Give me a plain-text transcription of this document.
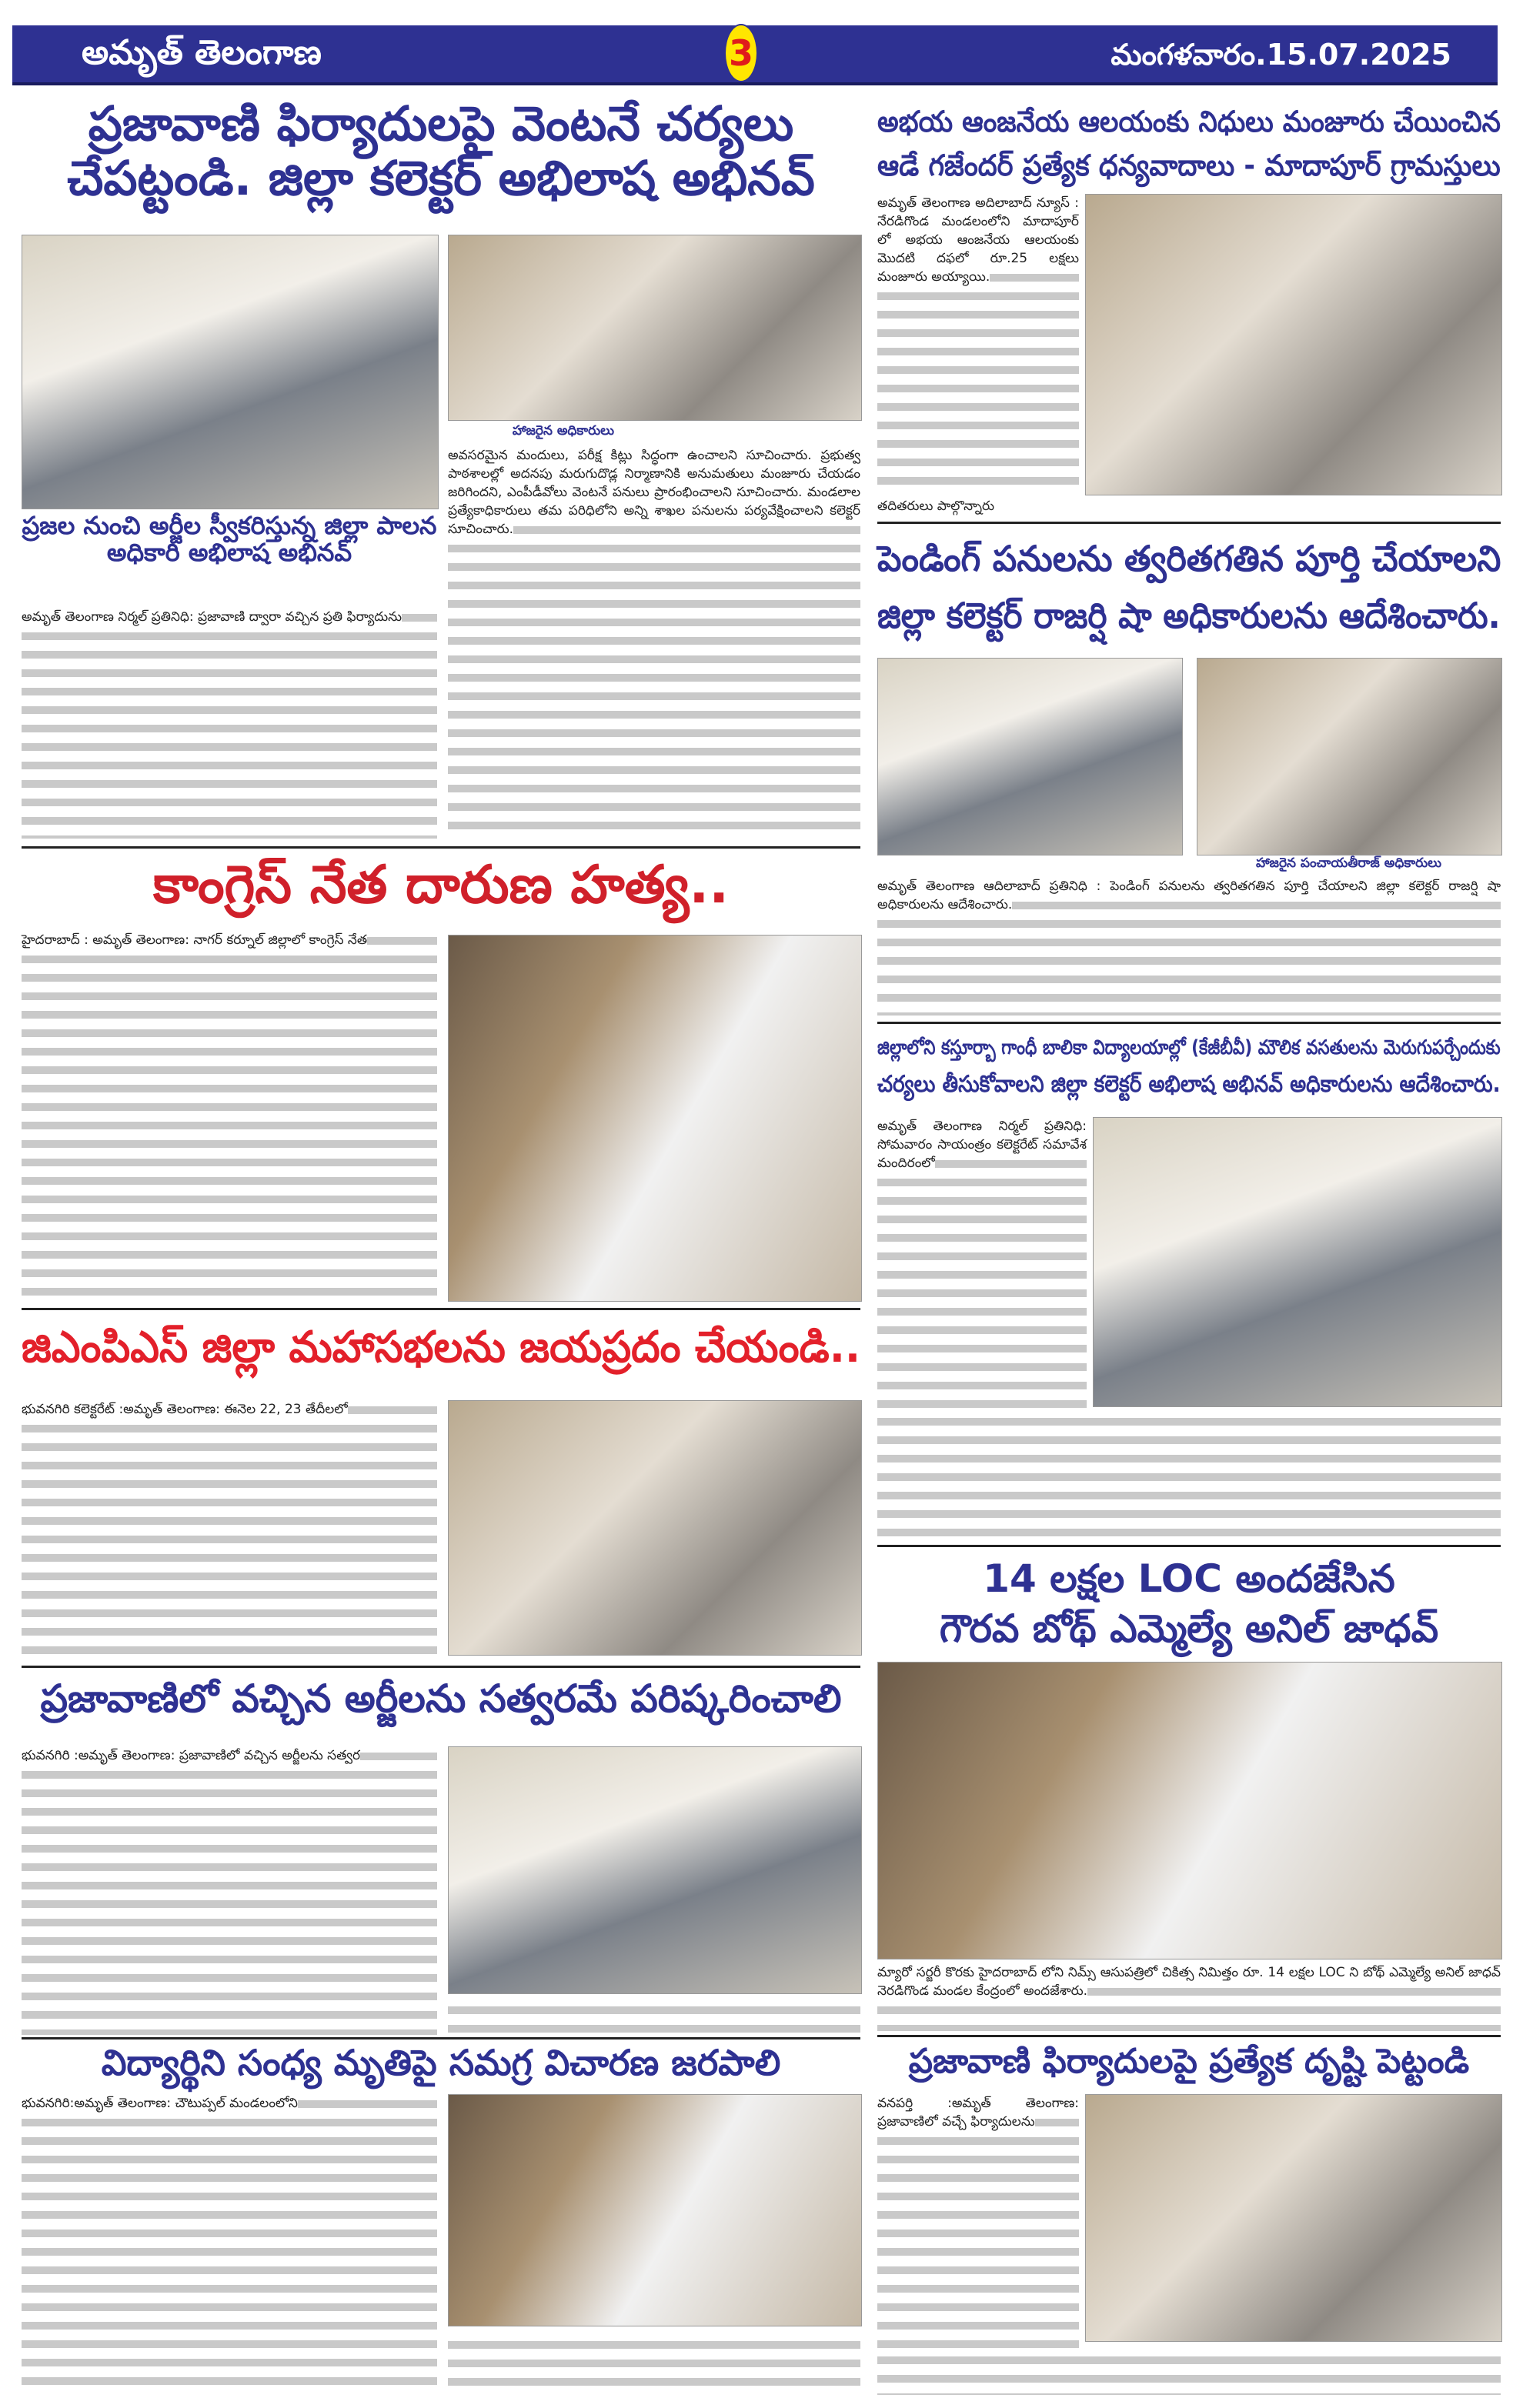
అమృత్ తెలంగాణ	3	మంగళవారం.15.07.2025
ప్రజావాణి ఫిర్యాదులపై వెంటనే చర్యలు
చేపట్టండి. జిల్లా కలెక్టర్ అభిలాష అభినవ్
హాజరైన అధికారులు
ప్రజల నుంచి అర్జీల స్వీకరిస్తున్న జిల్లా పాలన అధికారి అభిలాష అభినవ్
అమృత్ తెలంగాణ నిర్మల్ ప్రతినిధి: ప్రజావాణి ద్వారా వచ్చిన ప్రతి ఫిర్యాదును
అవసరమైన మందులు, పరీక్ష కిట్లు సిద్ధంగా ఉంచాలని సూచించారు. ప్రభుత్వ పాఠశాలల్లో అదనపు మరుగుదొడ్ల నిర్మాణానికి అనుమతులు మంజూరు చేయడం జరిగిందని, ఎంపీడీవోలు వెంటనే పనులు ప్రారంభించాలని సూచించారు. మండలాల ప్రత్యేకాధికారులు తమ పరిధిలోని అన్ని శాఖల పనులను పర్యవేక్షించాలని కలెక్టర్ సూచించారు.
కాంగ్రెస్ నేత దారుణ హత్య..
హైదరాబాద్ : అమృత్ తెలంగాణ: నాగర్ కర్నూల్ జిల్లాలో కాంగ్రెస్ నేత
జిఎంపిఎస్ జిల్లా మహాసభలను జయప్రదం చేయండి..
భువనగిరి కలెక్టరేట్ :అమృత్ తెలంగాణ: ఈనెల 22, 23 తేదీలలో
ప్రజావాణిలో వచ్చిన అర్జీలను సత్వరమే పరిష్కరించాలి
భువనగిరి :అమృత్ తెలంగాణ: ప్రజావాణిలో వచ్చిన అర్జీలను సత్వర
విద్యార్థిని సంధ్య మృతిపై సమగ్ర విచారణ జరపాలి
భువనగిరి:అమృత్ తెలంగాణ: చౌటుప్పల్ మండలంలోని
అభయ ఆంజనేయ ఆలయంకు నిధులు మంజూరు చేయించిన
ఆడే గజేందర్ ప్రత్యేక ధన్యవాదాలు - మాదాపూర్ గ్రామస్తులు
అమృత్ తెలంగాణ అదిలాబాద్ న్యూస్ : నేరడిగొండ మండలంలోని మాదాపూర్ లో అభయ ఆంజనేయ ఆలయంకు మొదటి దఫలో రూ.25 లక్షలు మంజూరు అయ్యాయి.
తదితరులు పాల్గొన్నారు
పెండింగ్ పనులను త్వరితగతిన పూర్తి చేయాలని
జిల్లా కలెక్టర్ రాజర్షి షా అధికారులను ఆదేశించారు.
హాజరైన పంచాయతీరాజ్ అధికారులు
అమృత్ తెలంగాణ ఆదిలాబాద్ ప్రతినిధి : పెండింగ్ పనులను త్వరితగతిన పూర్తి చేయాలని జిల్లా కలెక్టర్ రాజర్షి షా అధికారులను ఆదేశించారు.
జిల్లాలోని కస్తూర్బా గాంధీ బాలికా విద్యాలయాల్లో (కేజీబీవీ) మౌలిక వసతులను మెరుగుపర్చేందుకు
చర్యలు తీసుకోవాలని జిల్లా కలెక్టర్ అభిలాష అభినవ్ అధికారులను ఆదేశించారు.
అమృత్ తెలంగాణ నిర్మల్ ప్రతినిధి: సోమవారం సాయంత్రం కలెక్టరేట్ సమావేశ మందిరంలో
14 లక్షల LOC అందజేసిన
గౌరవ బోథ్ ఎమ్మెల్యే అనిల్ జాధవ్
మ్యారో సర్జరీ కొరకు హైదరాబాద్ లోని నిమ్స్ ఆసుపత్రిలో చికిత్స నిమిత్తం రూ. 14 లక్షల LOC ని బోథ్ ఎమ్మెల్యే అనిల్ జాధవ్ నెరడిగొండ మండల కేంద్రంలో అందజేశారు.
ప్రజావాణి ఫిర్యాదులపై ప్రత్యేక దృష్టి పెట్టండి
వనపర్తి :అమృత్ తెలంగాణ: ప్రజావాణిలో వచ్చే ఫిర్యాదులను
